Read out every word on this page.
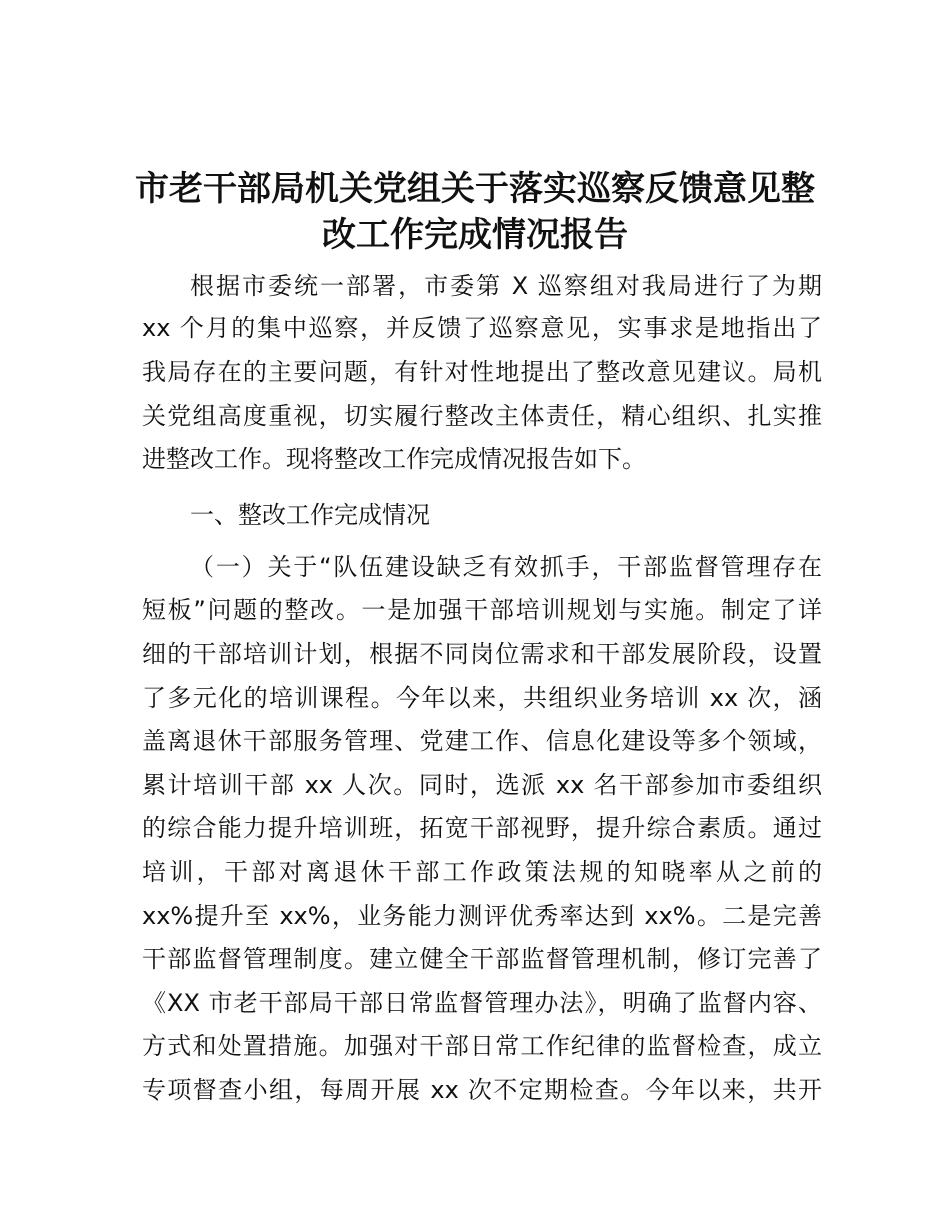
市老干部局机关党组关于落实巡察反馈意见整
改工作完成情况报告
根据市委统一部署，市委第 X 巡察组对我局进行了为期
xx 个月的集中巡察，并反馈了巡察意见，实事求是地指出了
我局存在的主要问题，有针对性地提出了整改意见建议。局机
关党组高度重视，切实履行整改主体责任，精心组织、扎实推
进整改工作。现将整改工作完成情况报告如下。
一、整改工作完成情况
（一）关于“队伍建设缺乏有效抓手，干部监督管理存在
短板”问题的整改。一是加强干部培训规划与实施。制定了详
细的干部培训计划，根据不同岗位需求和干部发展阶段，设置
了多元化的培训课程。今年以来，共组织业务培训 xx 次，涵
盖离退休干部服务管理、党建工作、信息化建设等多个领域，
累计培训干部 xx 人次。同时，选派 xx 名干部参加市委组织
的综合能力提升培训班，拓宽干部视野，提升综合素质。通过
培训，干部对离退休干部工作政策法规的知晓率从之前的
xx%提升至 xx%，业务能力测评优秀率达到 xx%。二是完善
干部监督管理制度。建立健全干部监督管理机制，修订完善了
《XX 市老干部局干部日常监督管理办法》，明确了监督内容、
方式和处置措施。加强对干部日常工作纪律的监督检查，成立
专项督查小组，每周开展 xx 次不定期检查。今年以来，共开
